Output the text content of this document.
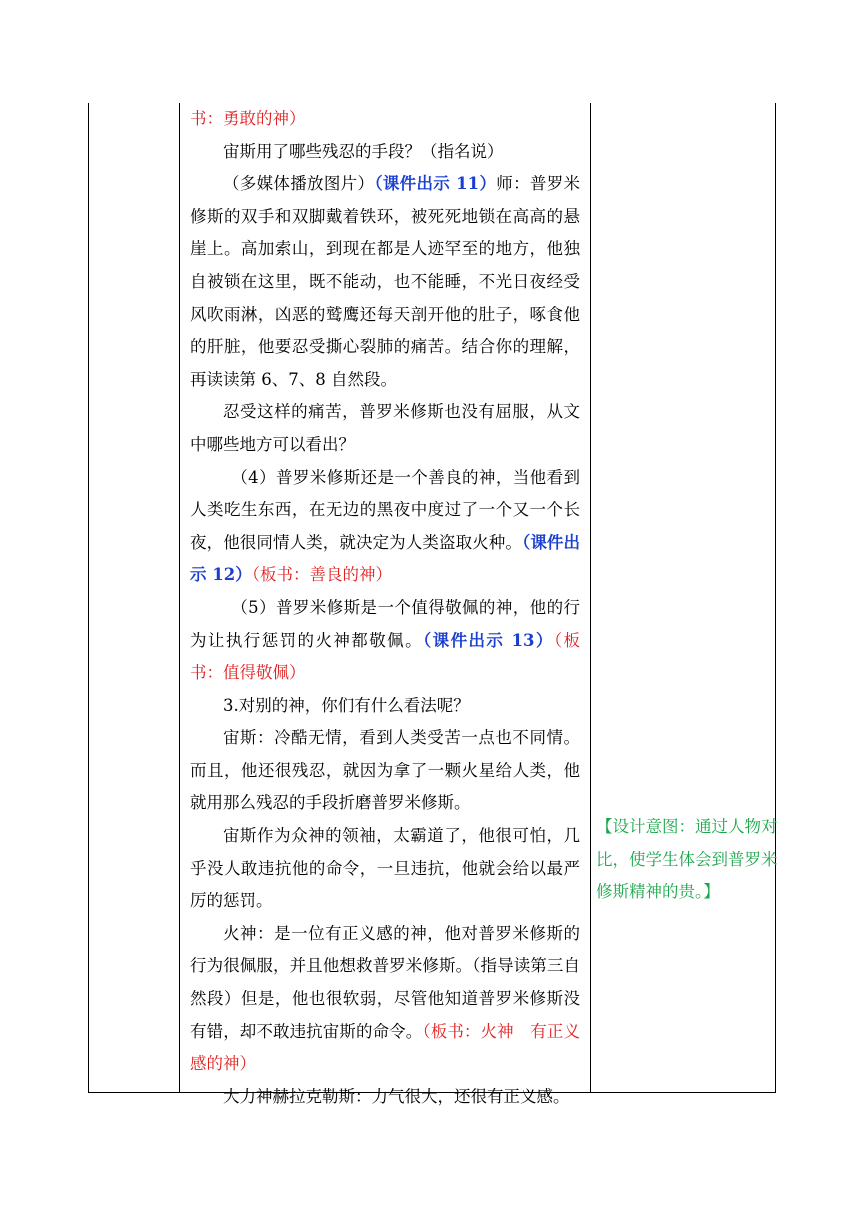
书：勇敢的神）

宙斯用了哪些残忍的手段？（指名说）

（多媒体播放图片）（课件出示 11）师：普罗米修斯的双手和双脚戴着铁环，被死死地锁在高高的悬崖上。高加索山，到现在都是人迹罕至的地方，他独自被锁在这里，既不能动，也不能睡，不光日夜经受风吹雨淋，凶恶的鹫鹰还每天剖开他的肚子，啄食他的肝脏，他要忍受撕心裂肺的痛苦。结合你的理解，再读读第 6、7、8 自然段。

忍受这样的痛苦，普罗米修斯也没有屈服，从文中哪些地方可以看出？

（4）普罗米修斯还是一个善良的神，当他看到人类吃生东西，在无边的黑夜中度过了一个又一个长夜，他很同情人类，就决定为人类盗取火种。（课件出示 12）（板书：善良的神）

（5）普罗米修斯是一个值得敬佩的神，他的行为让执行惩罚的火神都敬佩。（课件出示 13）（板书：值得敬佩）

3.对别的神，你们有什么看法呢？

宙斯：冷酷无情，看到人类受苦一点也不同情。而且，他还很残忍，就因为拿了一颗火星给人类，他就用那么残忍的手段折磨普罗米修斯。

宙斯作为众神的领袖，太霸道了，他很可怕，几乎没人敢违抗他的命令，一旦违抗，他就会给以最严厉的惩罚。

火神：是一位有正义感的神，他对普罗米修斯的行为很佩服，并且他想救普罗米修斯。（指导读第三自然段）但是，他也很软弱，尽管他知道普罗米修斯没有错，却不敢违抗宙斯的命令。（板书：火神　有正义感的神）

大力神赫拉克勒斯：力气很大，还很有正义感。

【设计意图：通过人物对比，使学生体会到普罗米修斯精神的贵。】
